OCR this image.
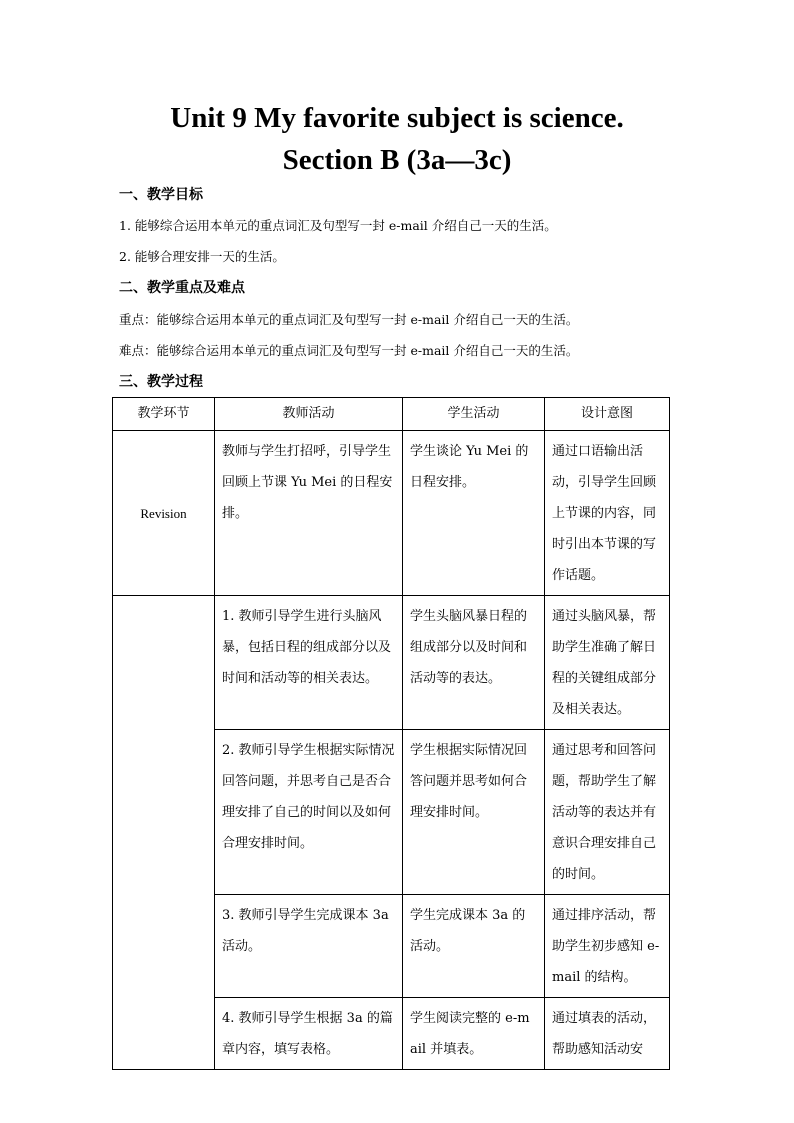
Unit 9 My favorite subject is science.
Section B (3a—3c)
一、教学目标
1. 能够综合运用本单元的重点词汇及句型写一封 e-mail 介绍自己一天的生活。
2. 能够合理安排一天的生活。
二、教学重点及难点
重点：能够综合运用本单元的重点词汇及句型写一封 e-mail 介绍自己一天的生活。
难点：能够综合运用本单元的重点词汇及句型写一封 e-mail 介绍自己一天的生活。
三、教学过程
教学环节	教师活动	学生活动	设计意图
Revision	教师与学生打招呼，引导学生回顾上节课 Yu Mei 的日程安排。	学生谈论 Yu Mei 的日程安排。	通过口语输出活动，引导学生回顾上节课的内容，同时引出本节课的写作话题。
	1. 教师引导学生进行头脑风暴，包括日程的组成部分以及时间和活动等的相关表达。	学生头脑风暴日程的组成部分以及时间和活动等的表达。	通过头脑风暴，帮助学生准确了解日程的关键组成部分及相关表达。
	2. 教师引导学生根据实际情况回答问题，并思考自己是否合理安排了自己的时间以及如何合理安排时间。	学生根据实际情况回答问题并思考如何合理安排时间。	通过思考和回答问题，帮助学生了解活动等的表达并有意识合理安排自己的时间。
	3. 教师引导学生完成课本 3a 活动。	学生完成课本 3a 的活动。	通过排序活动，帮助学生初步感知 e-mail 的结构。
	4. 教师引导学生根据 3a 的篇章内容，填写表格。	学生阅读完整的 e-mail 并填表。	通过填表的活动，帮助感知活动安
